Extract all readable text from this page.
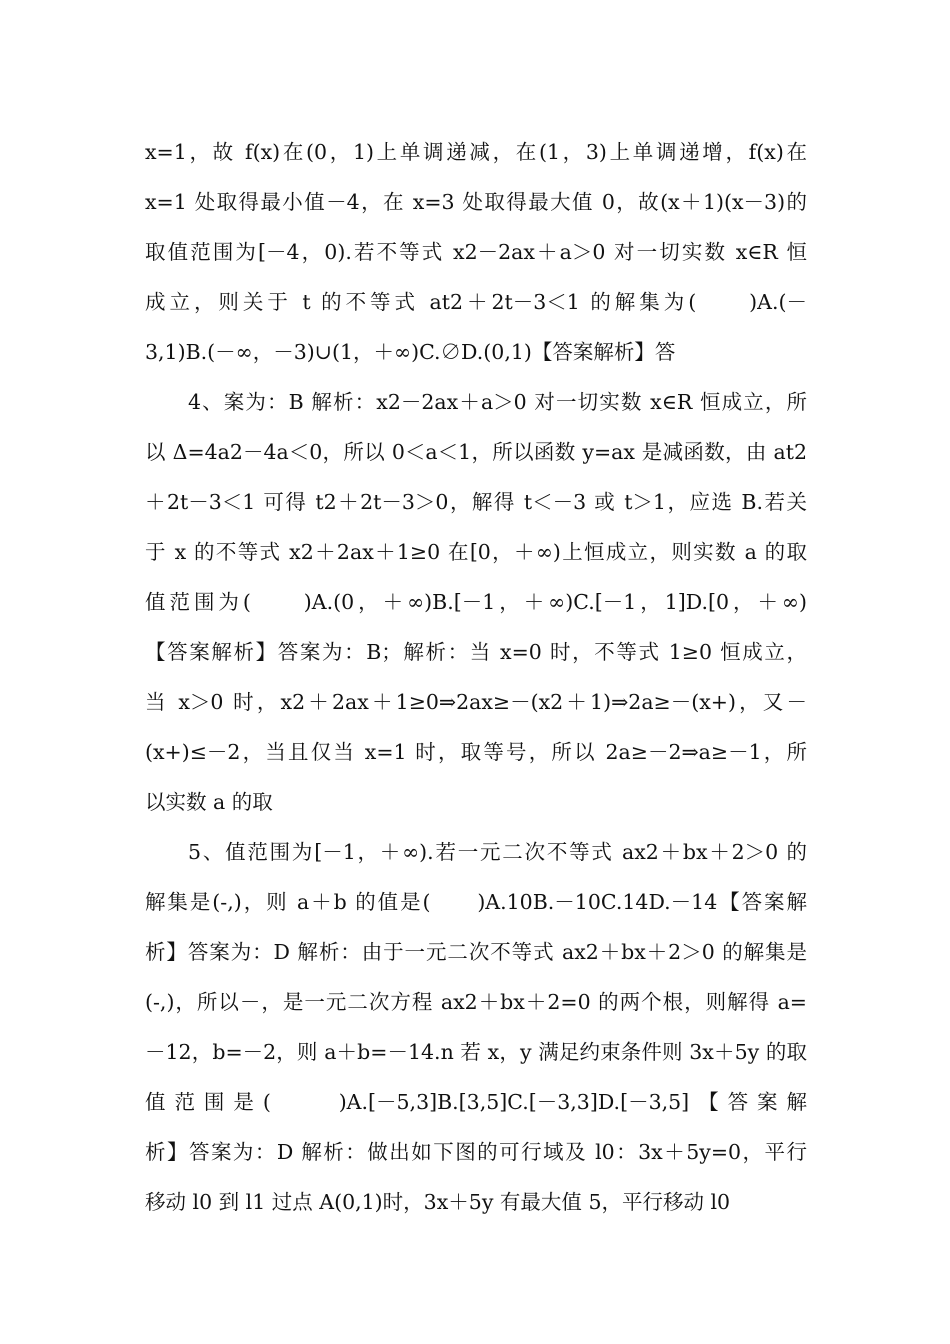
x=1，故 f(x)在(0，1)上单调递减，在(1，3)上单调递增，f(x)在
x=1 处取得最小值－4，在 x=3 处取得最大值 0，故(x＋1)(x－3)的
取值范围为[－4，0).若不等式 x2－2ax＋a＞0 对一切实数 x∈R 恒
成立，则关于 t 的不等式 at2＋2t－3＜1 的解集为(　　)A.(－
3,1)B.(－∞，－3)∪(1，＋∞)C.∅D.(0,1)【答案解析】答
4、案为：B 解析：x2－2ax＋a＞0 对一切实数 x∈R 恒成立，所
以 Δ=4a2－4a＜0，所以 0＜a＜1，所以函数 y=ax 是减函数，由 at2
＋2t－3＜1 可得 t2＋2t－3＞0，解得 t＜－3 或 t＞1，应选 B.若关
于 x 的不等式 x2＋2ax＋1≥0 在[0，＋∞)上恒成立，则实数 a 的取
值范围为(　　)A.(0，＋∞)B.[－1，＋∞)C.[－1，1]D.[0，＋∞)
【答案解析】答案为：B；解析：当 x=0 时，不等式 1≥0 恒成立，
当 x＞0 时，x2＋2ax＋1≥0⇒2ax≥－(x2＋1)⇒2a≥－(x+)，又－
(x+)≤－2，当且仅当 x=1 时，取等号，所以 2a≥－2⇒a≥－1，所
以实数 a 的取
5、值范围为[－1，＋∞).若一元二次不等式 ax2＋bx＋2＞0 的
解集是(-,)，则 a＋b 的值是(　　)A.10B.－10C.14D.－14【答案解
析】答案为：D 解析：由于一元二次不等式 ax2＋bx＋2＞0 的解集是
(-,)，所以－，是一元二次方程 ax2＋bx＋2=0 的两个根，则解得 a=
－12，b=－2，则 a＋b=－14.n 若 x，y 满足约束条件则 3x＋5y 的取
值范围是(　　)A.[－5,3]B.[3,5]C.[－3,3]D.[－3,5]【答案解
析】答案为：D 解析：做出如下图的可行域及 l0：3x＋5y=0，平行
移动 l0 到 l1 过点 A(0,1)时，3x＋5y 有最大值 5，平行移动 l0
